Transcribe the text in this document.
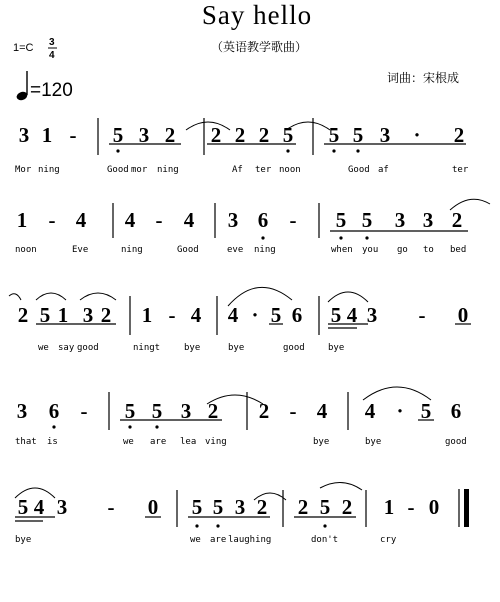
Say hello
（英语教学歌曲）
1=C 3
4
=120
词曲：宋根成
3 1 - 5 3 2 2 2 2 5 5 5 3 · 2
Mor ning	Good mor ning	Af ter noon	Good af	ter
1 - 4 4 - 4 3 6 - 5 5 3 3 2
noon	Eve	ning	Good	eve ning	when you go to bed
2 5 1 3 2 1 - 4 4 · 5 6 5 4 3 - 0
we say good	ningt	bye	bye	good	bye
3 6 - 5 5 3 2 2 - 4 4 · 5 6
that is	we are lea ving	bye	bye	good
5 4 3 - 0 5 5 3 2 2 5 2 1 - 0
bye	we are laughing	don't	cry
